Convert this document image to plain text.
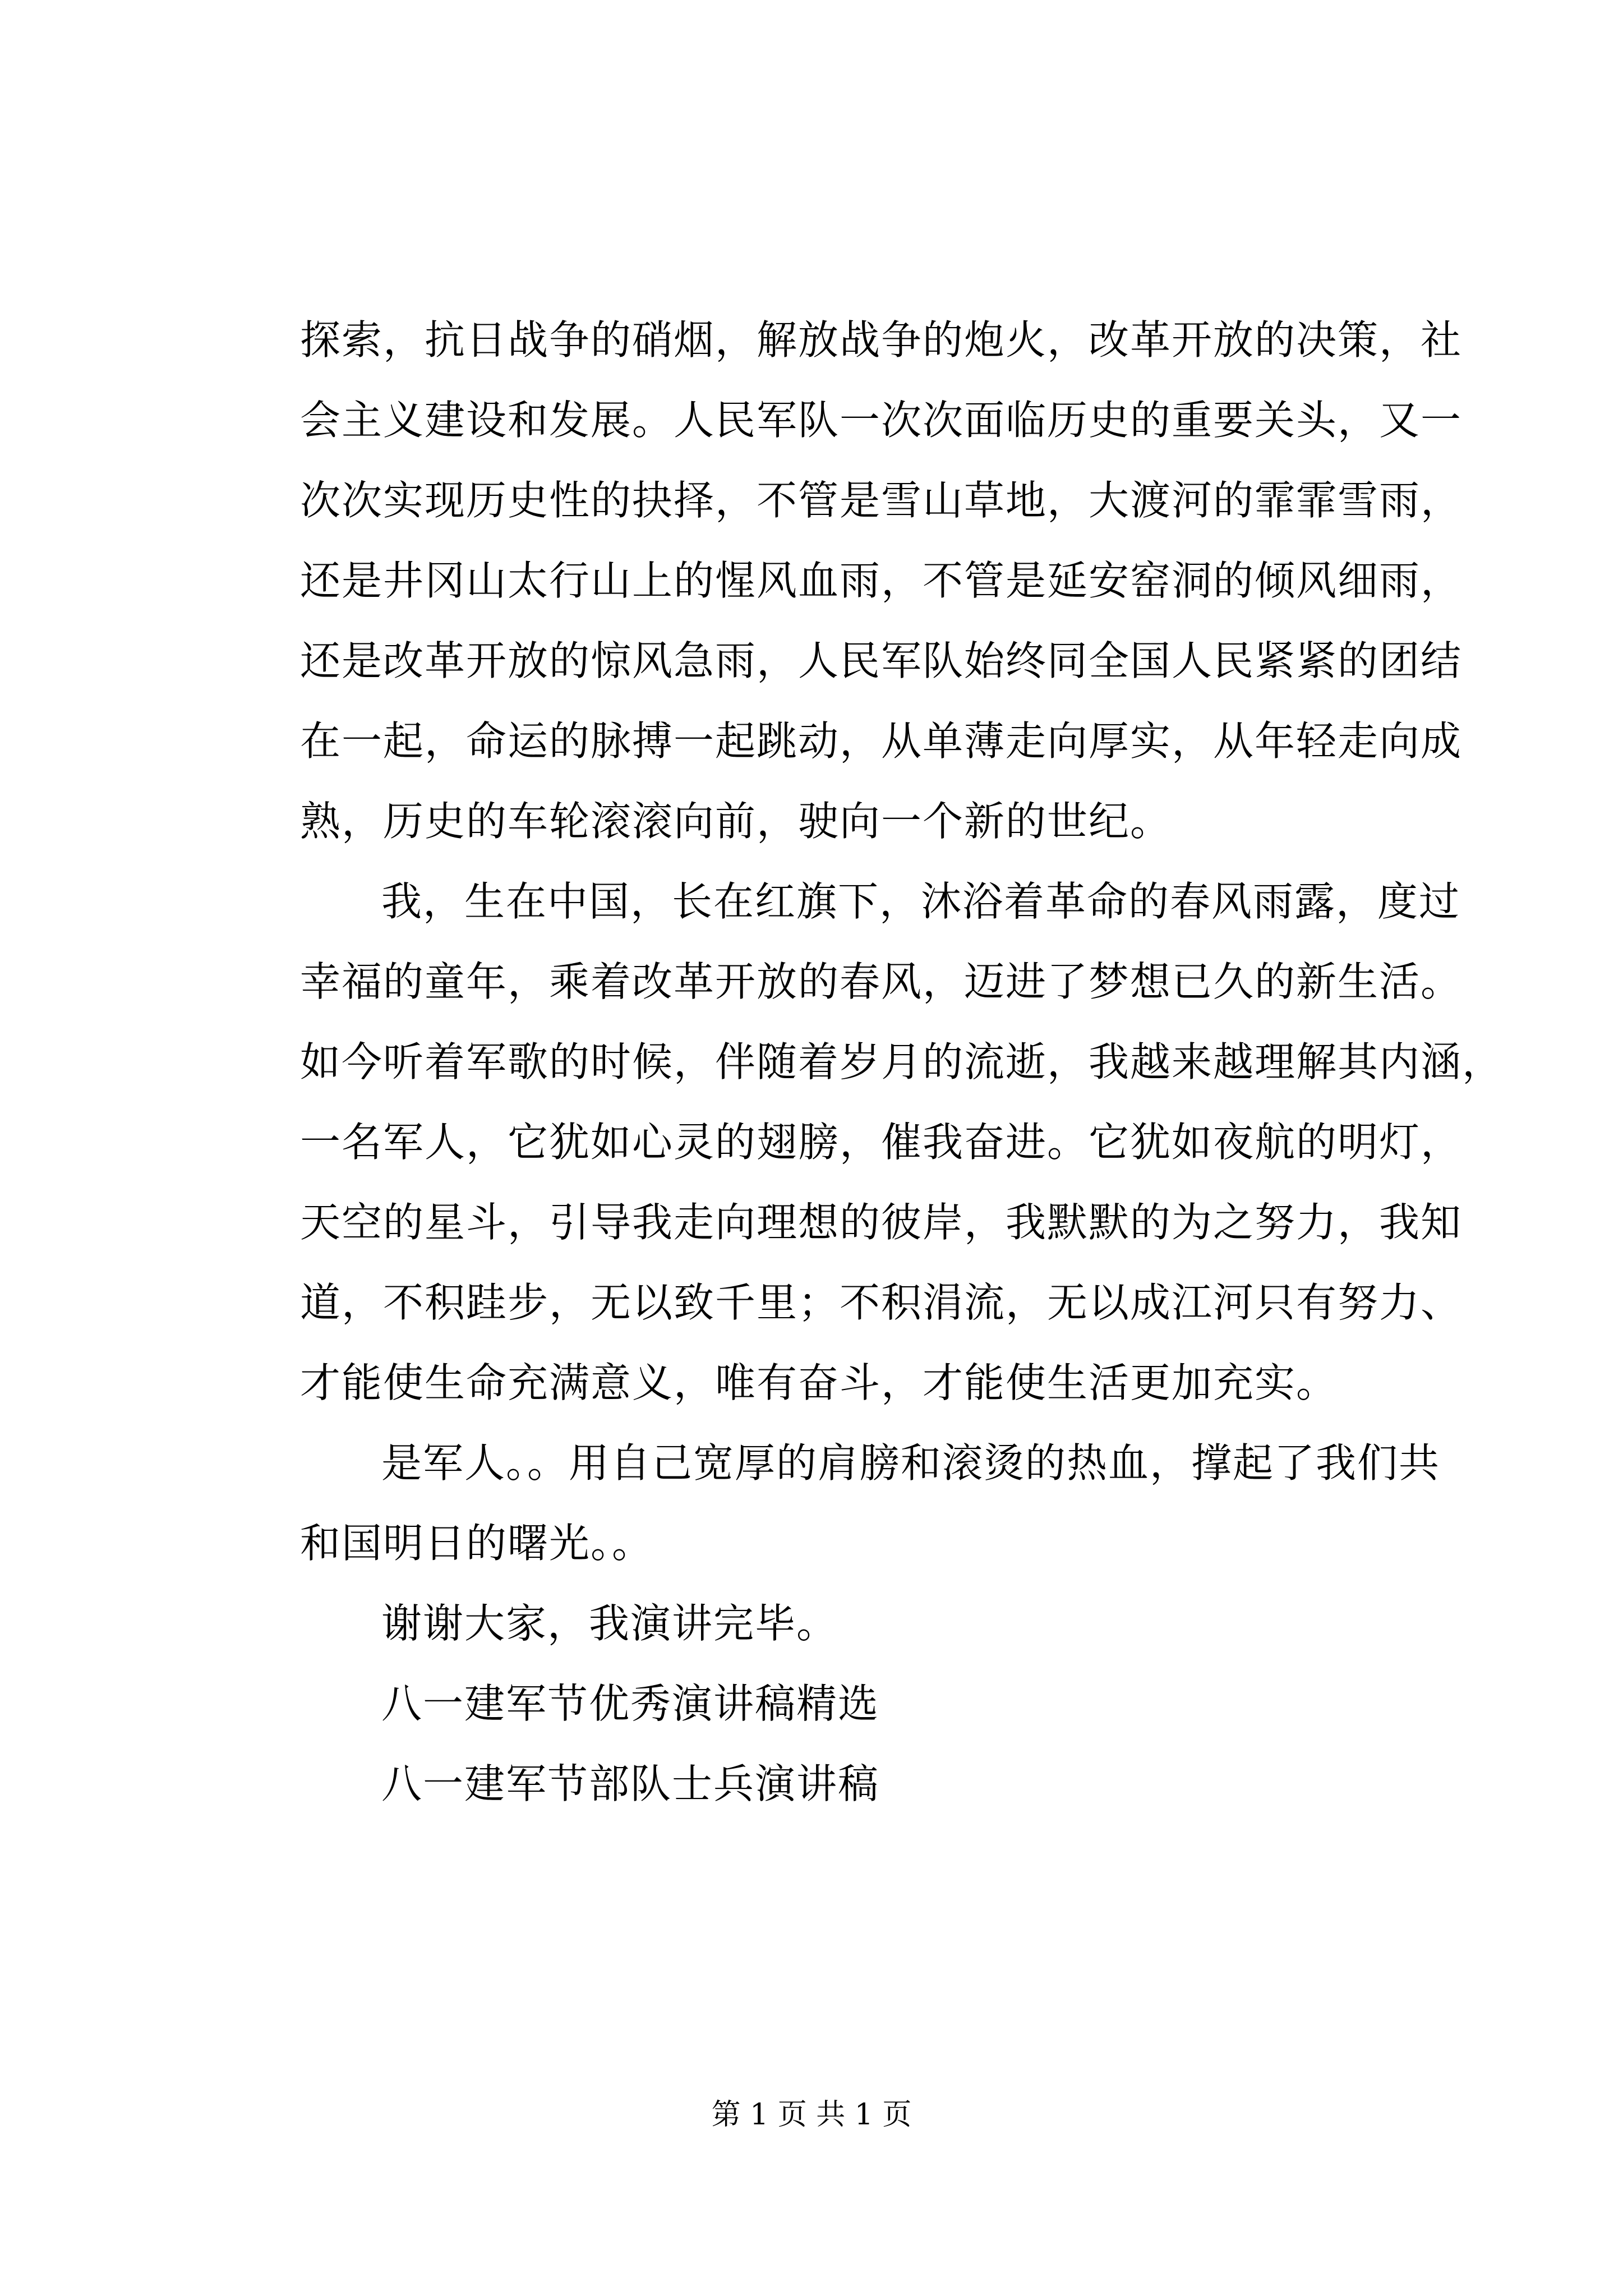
探索，抗日战争的硝烟，解放战争的炮火，改革开放的决策，社
会主义建设和发展。人民军队一次次面临历史的重要关头，又一
次次实现历史性的抉择，不管是雪山草地，大渡河的霏霏雪雨，
还是井冈山太行山上的惺风血雨，不管是延安窑洞的倾风细雨，
还是改革开放的惊风急雨，人民军队始终同全国人民紧紧的团结
在一起，命运的脉搏一起跳动，从单薄走向厚实，从年轻走向成
熟，历史的车轮滚滚向前，驶向一个新的世纪。

我，生在中国，长在红旗下，沐浴着革命的春风雨露，度过
幸福的童年，乘着改革开放的春风，迈进了梦想已久的新生活。
如今听着军歌的时候，伴随着岁月的流逝，我越来越理解其内涵，
一名军人，它犹如心灵的翅膀，催我奋进。它犹如夜航的明灯，
天空的星斗，引导我走向理想的彼岸，我默默的为之努力，我知
道，不积跬步，无以致千里；不积涓流，无以成江河只有努力、
才能使生命充满意义，唯有奋斗，才能使生活更加充实。

是军人。。用自己宽厚的肩膀和滚烫的热血，撑起了我们共
和国明日的曙光。。

谢谢大家，我演讲完毕。
八一建军节优秀演讲稿精选
八一建军节部队士兵演讲稿
第 1 页 共 1 页
